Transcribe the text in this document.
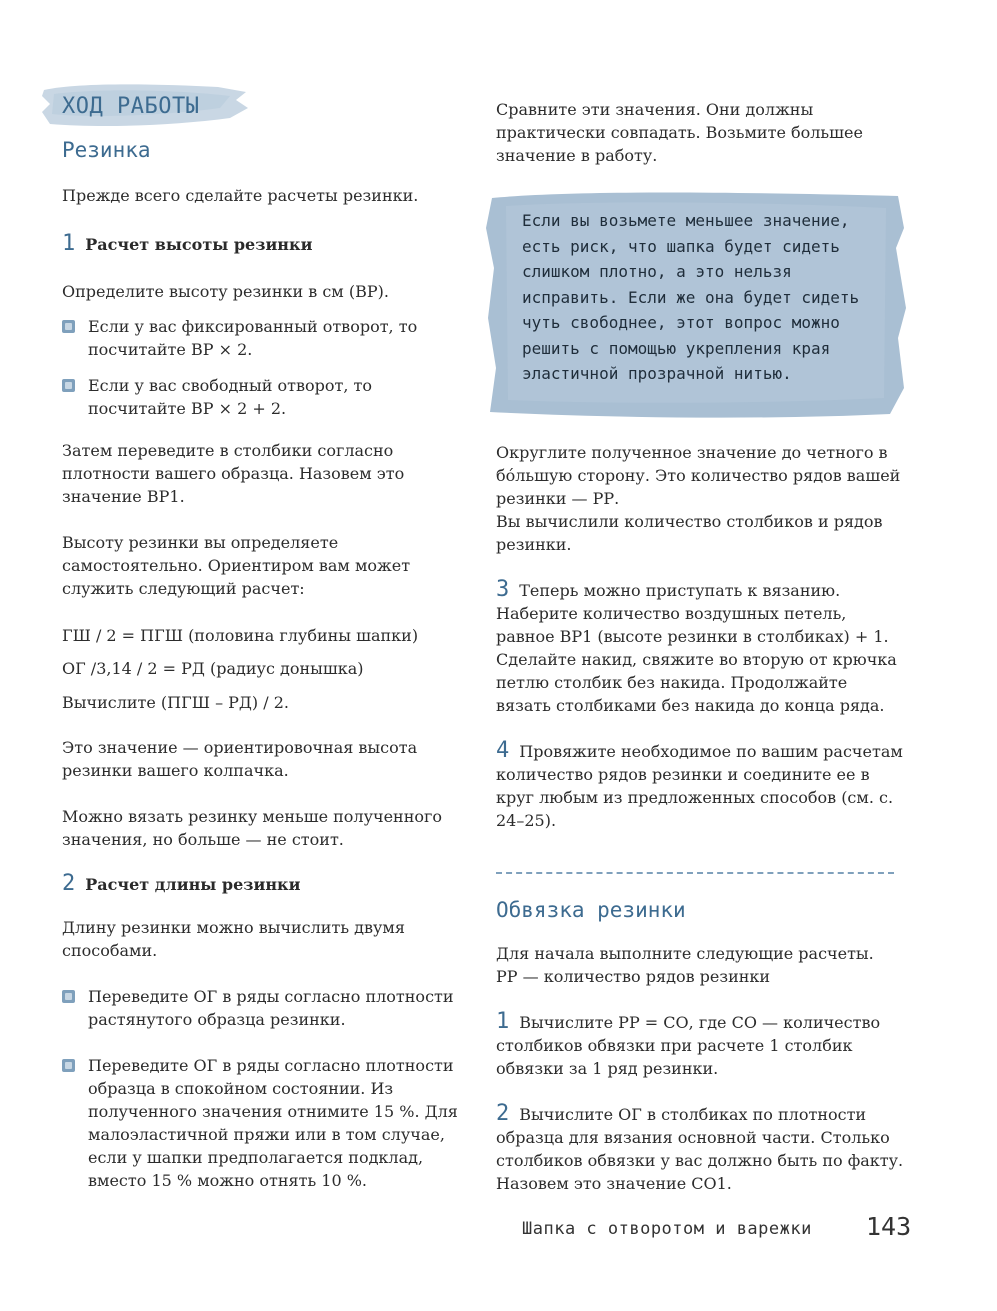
ХОД РАБОТЫ
Резинка
Прежде всего сделайте расчеты резинки.
1 Расчет высоты резинки
Определите высоту резинки в см (ВР).
Если у вас фиксированный отворот, то посчитайте ВР × 2.
Если у вас свободный отворот, то посчитайте ВР × 2 + 2.
Затем переведите в столбики согласно плотности вашего образца. Назовем это значение ВР1.
Высоту резинки вы определяете самостоятельно. Ориентиром вам может служить следующий расчет:
ГШ / 2 = ПГШ (половина глубины шапки)
ОГ /3,14 / 2 = РД (радиус донышка)
Вычислите (ПГШ – РД) / 2.
Это значение — ориентировочная высота резинки вашего колпачка.
Можно вязать резинку меньше полученного значения, но больше — не стоит.
2 Расчет длины резинки
Длину резинки можно вычислить двумя способами.
Переведите ОГ в ряды согласно плотности растянутого образца резинки.
Переведите ОГ в ряды согласно плотности образца в спокойном состоянии. Из полученного значения отнимите 15 %. Для малоэластичной пряжи или в том случае, если у шапки предполагается подклад, вместо 15 % можно отнять 10 %.
Сравните эти значения. Они должны практически совпадать. Возьмите большее значение в работу.
Если вы возьмете меньшее значение, есть риск, что шапка будет сидеть слишком плотно, а это нельзя исправить. Если же она будет сидеть чуть свободнее, этот вопрос можно решить с помощью укрепления края эластичной прозрачной нитью.
Округлите полученное значение до четного в бóльшую сторону. Это количество рядов вашей резинки — РР.
Вы вычислили количество столбиков и рядов резинки.
3 Теперь можно приступать к вязанию. Наберите количество воздушных петель, равное ВР1 (высоте резинки в столбиках) + 1. Сделайте накид, свяжите во вторую от крючка петлю столбик без накида. Продолжайте вязать столбиками без накида до конца ряда.
4 Провяжите необходимое по вашим расчетам количество рядов резинки и соедините ее в круг любым из предложенных способов (см. с. 24–25).
Обвязка резинки
Для начала выполните следующие расчеты.
РР — количество рядов резинки
1 Вычислите РР = СО, где СО — количество столбиков обвязки при расчете 1 столбик обвязки за 1 ряд резинки.
2 Вычислите ОГ в столбиках по плотности образца для вязания основной части. Столько столбиков обвязки у вас должно быть по факту. Назовем это значение СО1.
Шапка с отворотом и варежки 143
